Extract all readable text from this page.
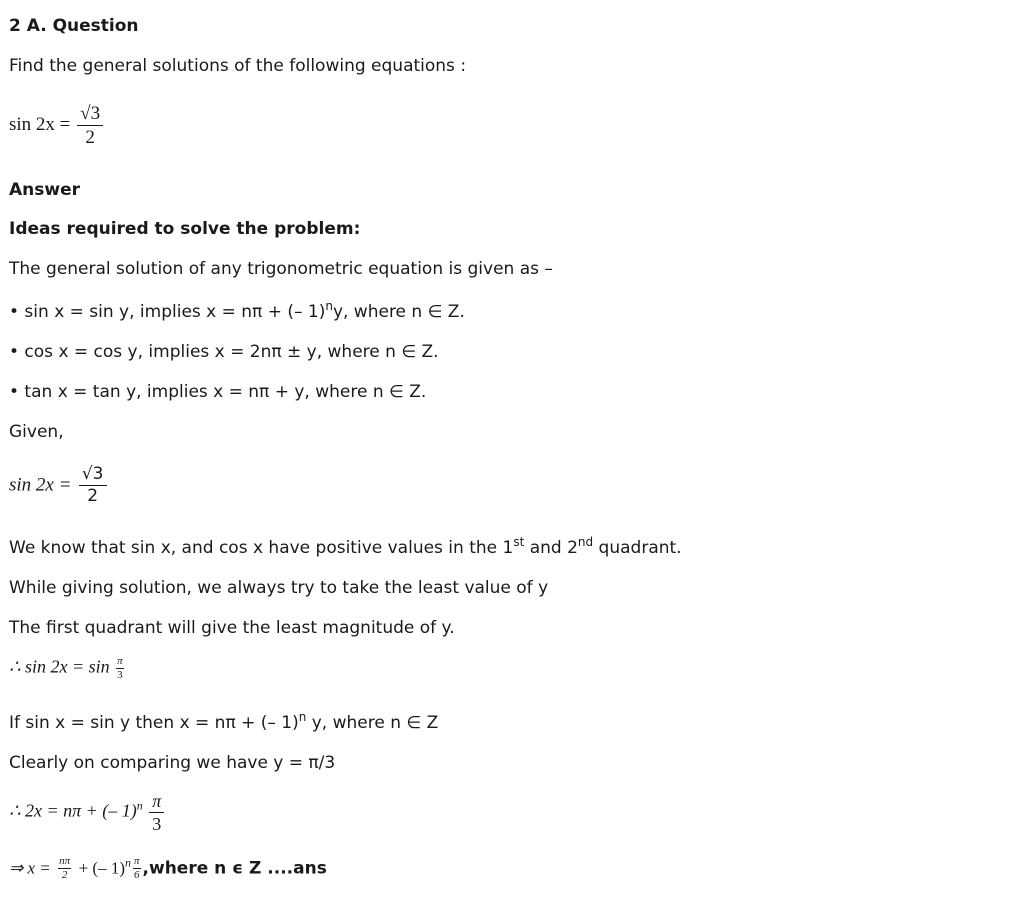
2 A. Question
Find the general solutions of the following equations :
$\sin 2x = \frac{√3}{2}$
Answer
Ideas required to solve the problem:
The general solution of any trigonometric equation is given as –
• sin x = sin y, implies x = nπ + (– 1)$^n$y, where n ∈ Z.
• cos x = cos y, implies x = 2nπ ± y, where n ∈ Z.
• tan x = tan y, implies x = nπ + y, where n ∈ Z.
Given,
$\sin 2x = \frac{√3}{2}$
We know that sin x, and cos x have positive values in the 1st and 2nd quadrant.
While giving solution, we always try to take the least value of y
The first quadrant will give the least magnitude of y.
∴ $\sin 2x = \sin \frac{\pi}{3}$
If sin x = sin y then x = nπ + (– 1)$^n$ y, where n ∈ Z
Clearly on comparing we have y = π/3
∴ 2x = nπ + (– $1)^n \frac{\pi}{3}$
⇒ $x = \frac{n\pi}{2}$ + (– $1)^n \frac{\pi}{6}$ ,where n ϵ Z ....ans
